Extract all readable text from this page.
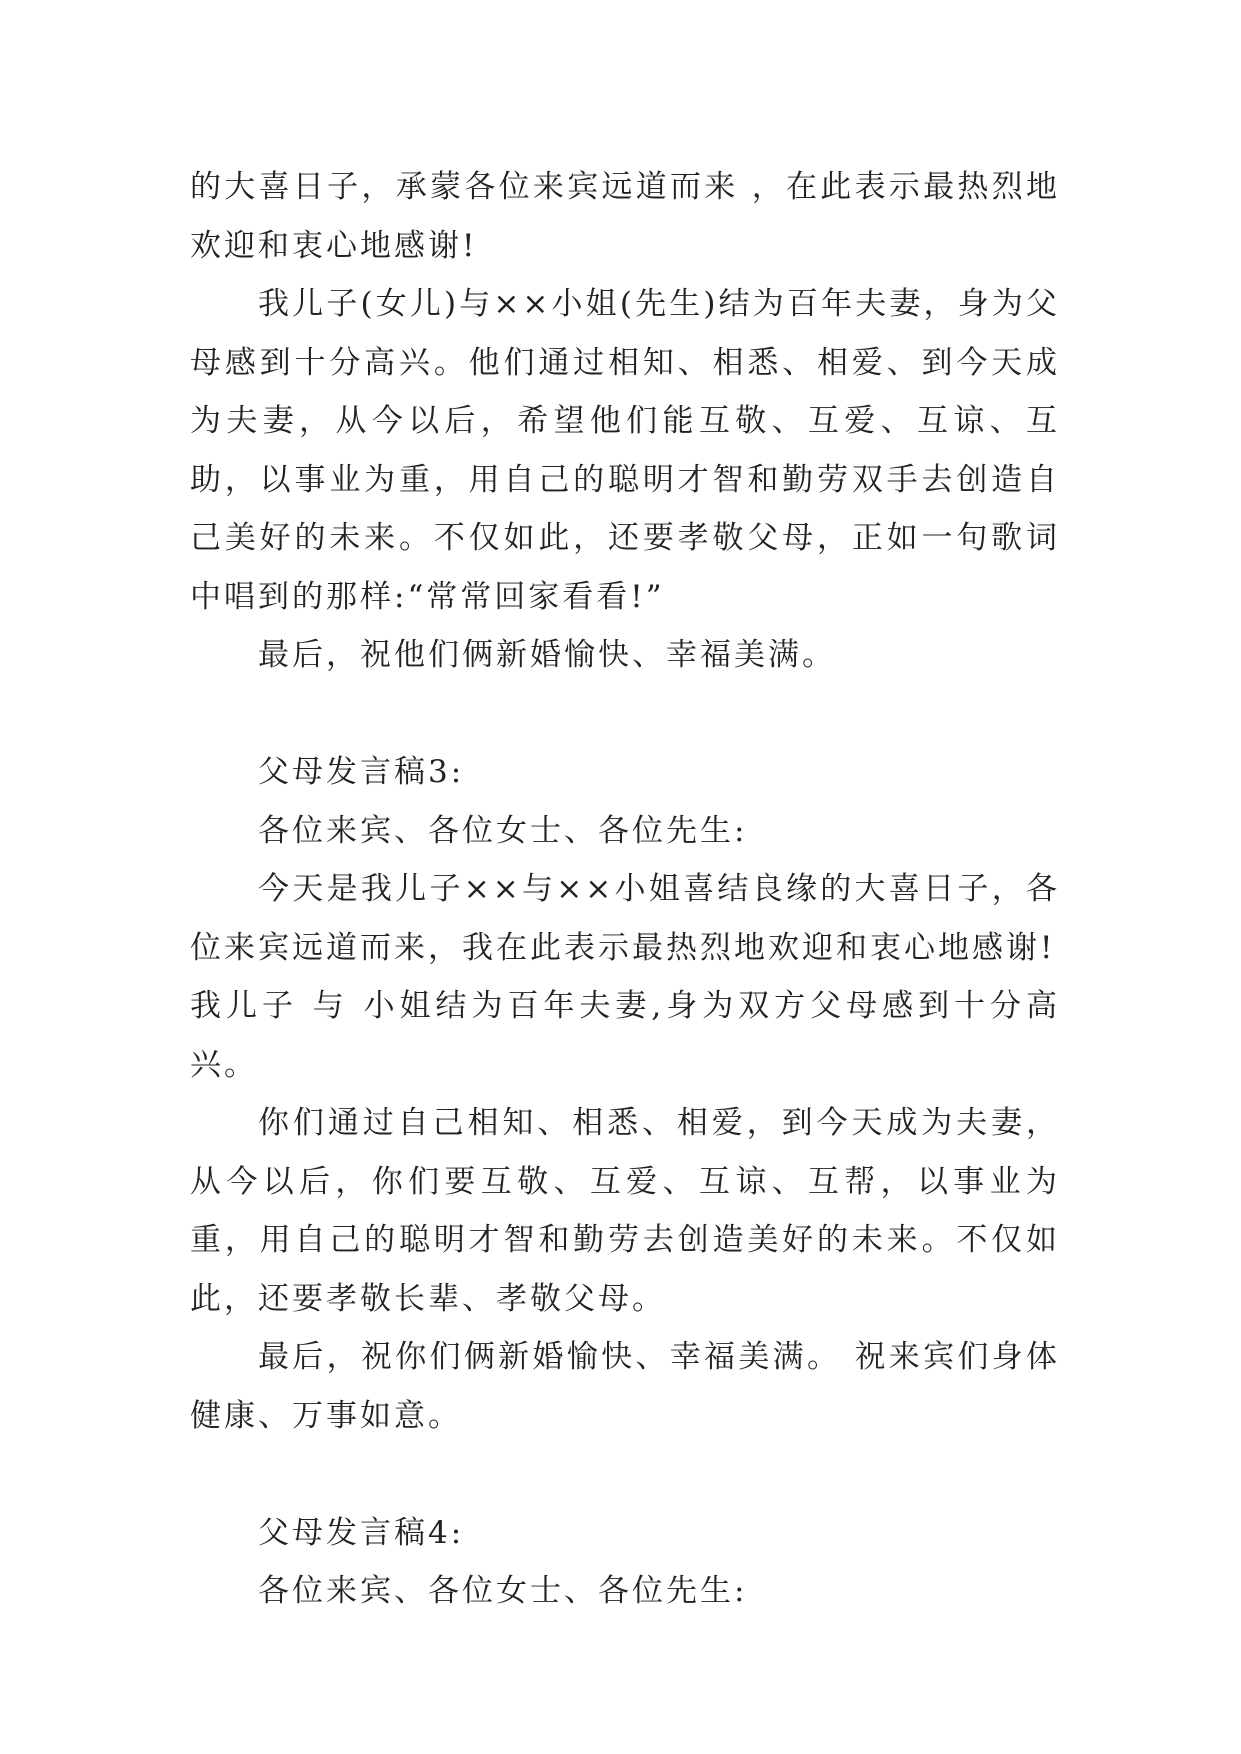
的大喜日子，承蒙各位来宾远道而来 ，在此表示最热烈地欢迎和衷心地感谢!

我儿子(女儿)与××小姐(先生)结为百年夫妻，身为父母感到十分高兴。他们通过相知、相悉、相爱、到今天成为夫妻，从今以后，希望他们能互敬、互爱、互谅、互助，以事业为重，用自己的聪明才智和勤劳双手去创造自己美好的未来。不仅如此，还要孝敬父母，正如一句歌词中唱到的那样:“常常回家看看!”

最后，祝他们俩新婚愉快、幸福美满。

父母发言稿3:

各位来宾、各位女士、各位先生:

今天是我儿子××与××小姐喜结良缘的大喜日子，各位来宾远道而来，我在此表示最热烈地欢迎和衷心地感谢!

我儿子 与 小姐结为百年夫妻,身为双方父母感到十分高兴。

你们通过自己相知、相悉、相爱，到今天成为夫妻，从今以后，你们要互敬、互爱、互谅、互帮，以事业为重，用自己的聪明才智和勤劳去创造美好的未来。不仅如此，还要孝敬长辈、孝敬父母。

最后，祝你们俩新婚愉快、幸福美满。 祝来宾们身体健康、万事如意。

父母发言稿4:

各位来宾、各位女士、各位先生:
